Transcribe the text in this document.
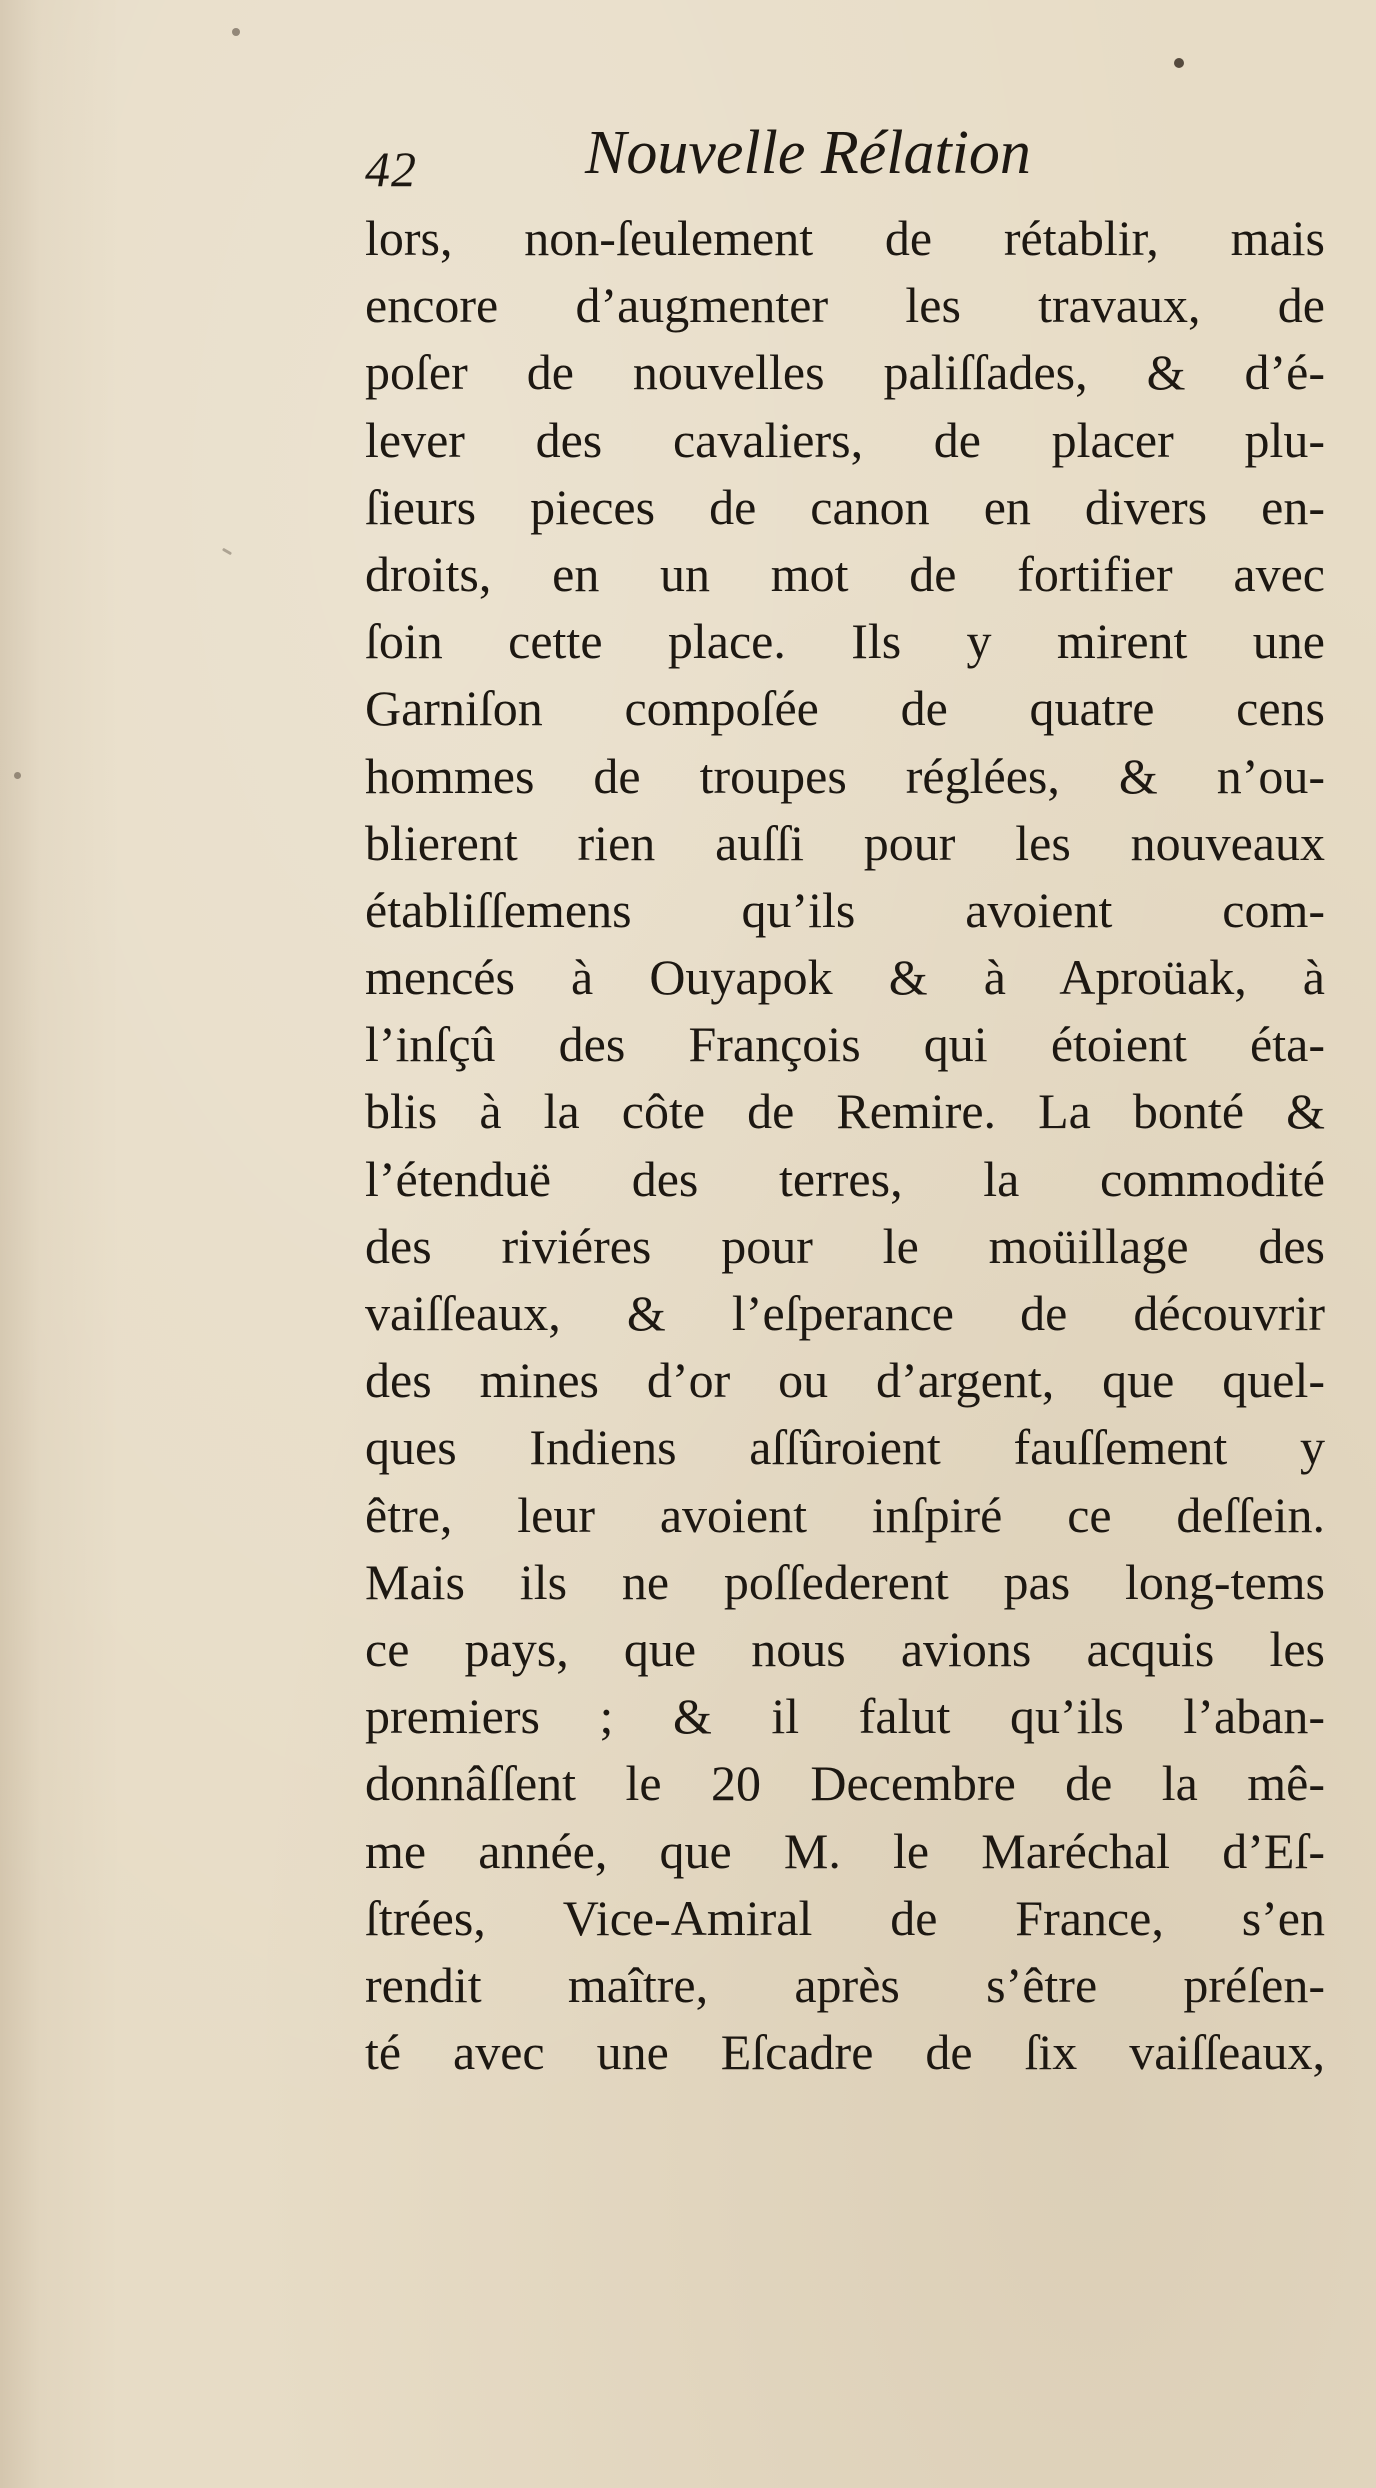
42	Nouvelle Rélation
lors, non-ſeulement de rétablir, mais
encore d’augmenter les travaux, de
poſer de nouvelles paliſſades, & d’é-
lever des cavaliers, de placer plu-
ſieurs pieces de canon en divers en-
droits, en un mot de fortifier avec
ſoin cette place. Ils y mirent une
Garniſon compoſée de quatre cens
hommes de troupes réglées, & n’ou-
blierent rien auſſi pour les nouveaux
établiſſemens qu’ils avoient com-
mencés à Ouyapok & à Aproüak, à
l’inſçû des François qui étoient éta-
blis à la côte de Remire. La bonté &
l’étenduë des terres, la commodité
des riviéres pour le moüillage des
vaiſſeaux, & l’eſperance de découvrir
des mines d’or ou d’argent, que quel-
ques Indiens aſſûroient fauſſement y
être, leur avoient inſpiré ce deſſein.
Mais ils ne poſſederent pas long-tems
ce pays, que nous avions acquis les
premiers ; & il falut qu’ils l’aban-
donnâſſent le 20 Decembre de la mê-
me année, que M. le Maréchal d’Eſ-
ſtrées, Vice-Amiral de France, s’en
rendit maître, après s’être préſen-
té avec une Eſcadre de ſix vaiſſeaux,
